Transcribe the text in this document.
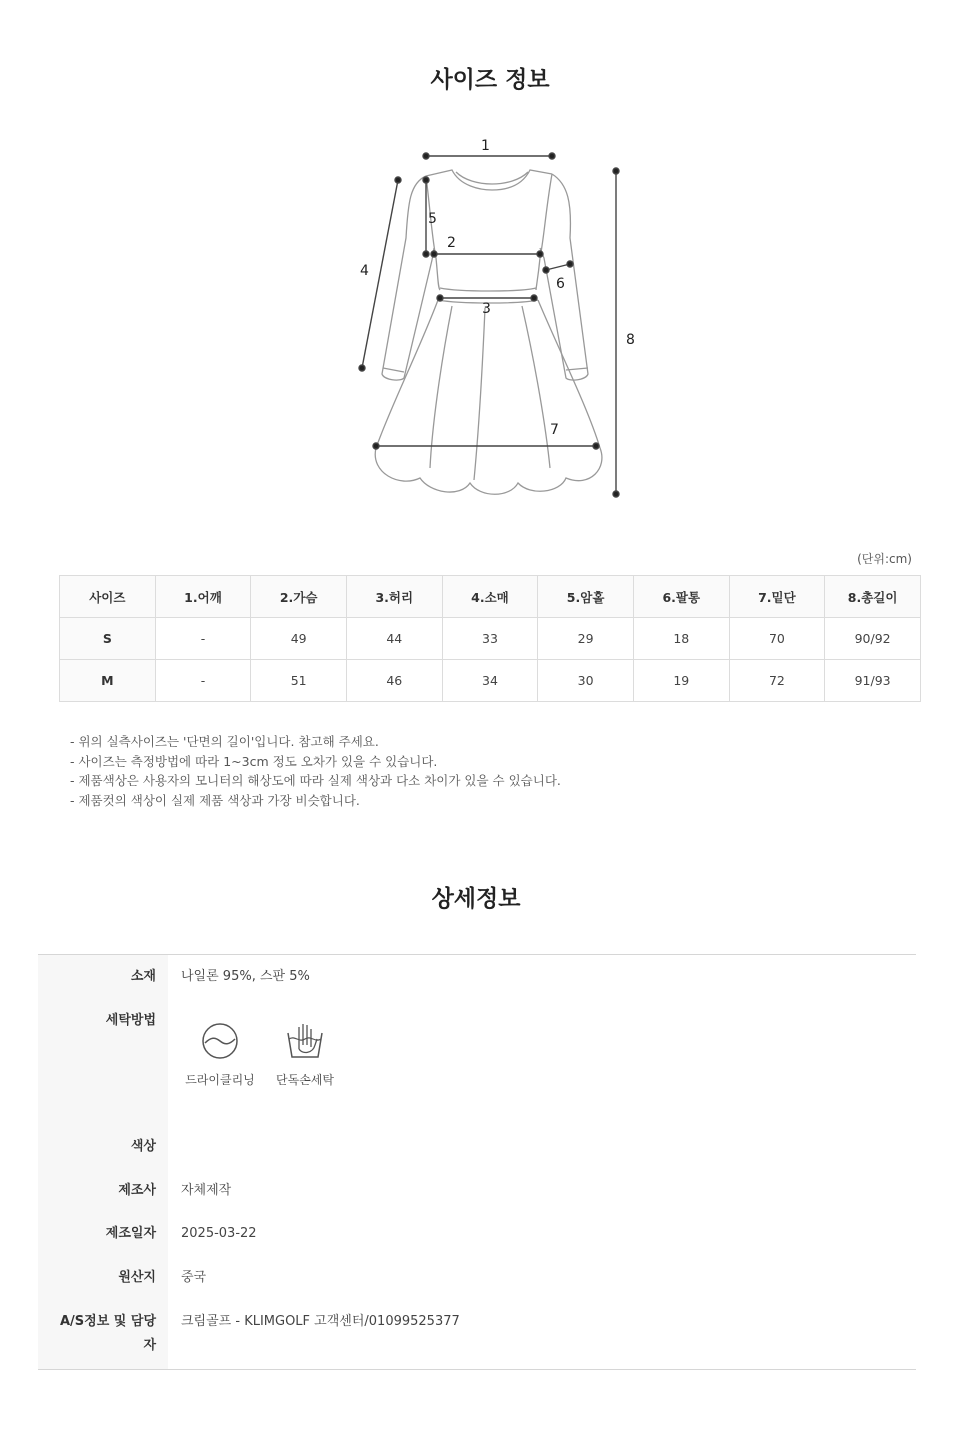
사이즈 정보
1
2
3
4
5
6
7
8
(단위:cm)
사이즈	1.어깨	2.가슴	3.허리	4.소매	5.암홀	6.팔통	7.밑단	8.총길이
S	-	49	44	33	29	18	70	90/92
M	-	51	46	34	30	19	72	91/93
- 위의 실측사이즈는 '단면의 길이'입니다. 참고해 주세요.
- 사이즈는 측정방법에 따라 1~3cm 정도 오차가 있을 수 있습니다.
- 제품색상은 사용자의 모니터의 해상도에 따라 실제 색상과 다소 차이가 있을 수 있습니다.
- 제품컷의 색상이 실제 제품 색상과 가장 비슷합니다.
상세정보
소재 나일론 95%, 스판 5%
세탁방법
드라이클리닝	단독손세탁
색상
제조사 자체제작
제조일자 2025-03-22
원산지 중국
A/S정보 및 담당
자
크림골프 - KLIMGOLF 고객센터/01099525377
